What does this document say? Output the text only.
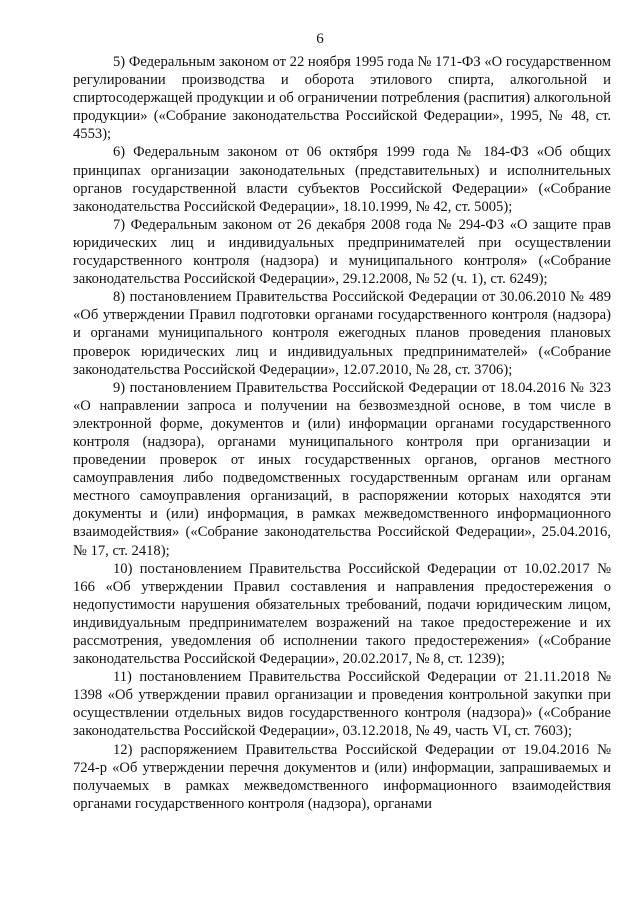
6

5) Федеральным законом от 22 ноября 1995 года № 171-ФЗ «О государственном регулировании производства и оборота этилового спирта, алкогольной и спиртосодержащей продукции и об ограничении потребления (распития) алкогольной продукции» («Собрание законодательства Российской Федерации», 1995, № 48, ст. 4553);

6) Федеральным законом от 06 октября 1999 года № 184-ФЗ «Об общих принципах организации законодательных (представительных) и исполнительных органов государственной власти субъектов Российской Федерации» («Собрание законодательства Российской Федерации», 18.10.1999, № 42, ст. 5005);

7) Федеральным законом от 26 декабря 2008 года № 294-ФЗ «О защите прав юридических лиц и индивидуальных предпринимателей при осуществлении государственного контроля (надзора) и муниципального контроля» («Собрание законодательства Российской Федерации», 29.12.2008, № 52 (ч. 1), ст. 6249);

8) постановлением Правительства Российской Федерации от 30.06.2010 № 489 «Об утверждении Правил подготовки органами государственного контроля (надзора) и органами муниципального контроля ежегодных планов проведения плановых проверок юридических лиц и индивидуальных предпринимателей» («Собрание законодательства Российской Федерации», 12.07.2010, № 28, ст. 3706);

9) постановлением Правительства Российской Федерации от 18.04.2016 № 323 «О направлении запроса и получении на безвозмездной основе, в том числе в электронной форме, документов и (или) информации органами государственного контроля (надзора), органами муниципального контроля при организации и проведении проверок от иных государственных органов, органов местного самоуправления либо подведомственных государственным органам или органам местного самоуправления организаций, в распоряжении которых находятся эти документы и (или) информация, в рамках межведомственного информационного взаимодействия» («Собрание законодательства Российской Федерации», 25.04.2016, № 17, ст. 2418);

10) постановлением Правительства Российской Федерации от 10.02.2017 № 166 «Об утверждении Правил составления и направления предостережения о недопустимости нарушения обязательных требований, подачи юридическим лицом, индивидуальным предпринимателем возражений на такое предостережение и их рассмотрения, уведомления об исполнении такого предостережения» («Собрание законодательства Российской Федерации», 20.02.2017, № 8, ст. 1239);

11) постановлением Правительства Российской Федерации от 21.11.2018 № 1398 «Об утверждении правил организации и проведения контрольной закупки при осуществлении отдельных видов государственного контроля (надзора)» («Собрание законодательства Российской Федерации», 03.12.2018, № 49, часть VI, ст. 7603);

12) распоряжением Правительства Российской Федерации от 19.04.2016 № 724-р «Об утверждении перечня документов и (или) информации, запрашиваемых и получаемых в рамках межведомственного информационного взаимодействия органами государственного контроля (надзора), органами
